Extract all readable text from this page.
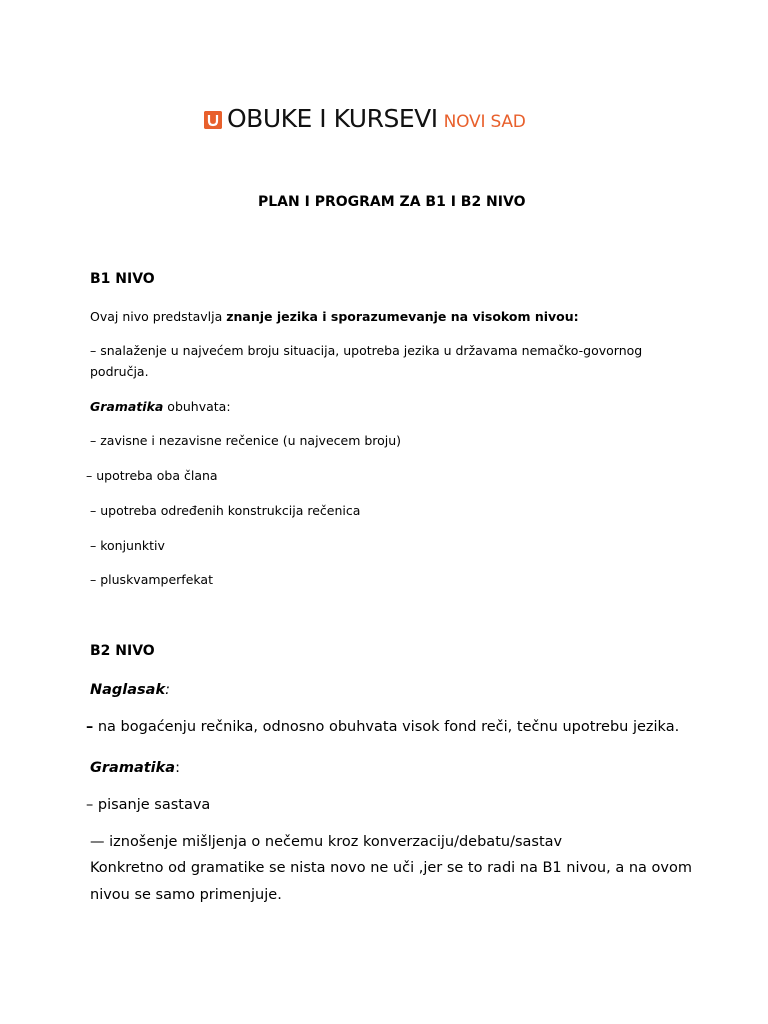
OBUKE I KURSEVI NOVI SAD
PLAN I PROGRAM ZA B1 I B2 NIVO
B1 NIVO
Ovaj nivo predstavlja znanje jezika i sporazumevanje na visokom nivou:
– snalaženje u najvećem broju situacija, upotreba jezika u državama nemačko-govornog
područja.
Gramatika obuhvata:
– zavisne i nezavisne rečenice (u najvecem broju)
– upotreba oba člana
– upotreba određenih konstrukcija rečenica
– konjunktiv
– pluskvamperfekat
B2 NIVO
Naglasak:
– na bogaćenju rečnika, odnosno obuhvata visok fond reči, tečnu upotrebu jezika.
Gramatika:
– pisanje sastava
— iznošenje mišljenja o nečemu kroz konverzaciju/debatu/sastav
Konkretno od gramatike se nista novo ne uči ,jer se to radi na B1 nivou, a na ovom
nivou se samo primenjuje.
